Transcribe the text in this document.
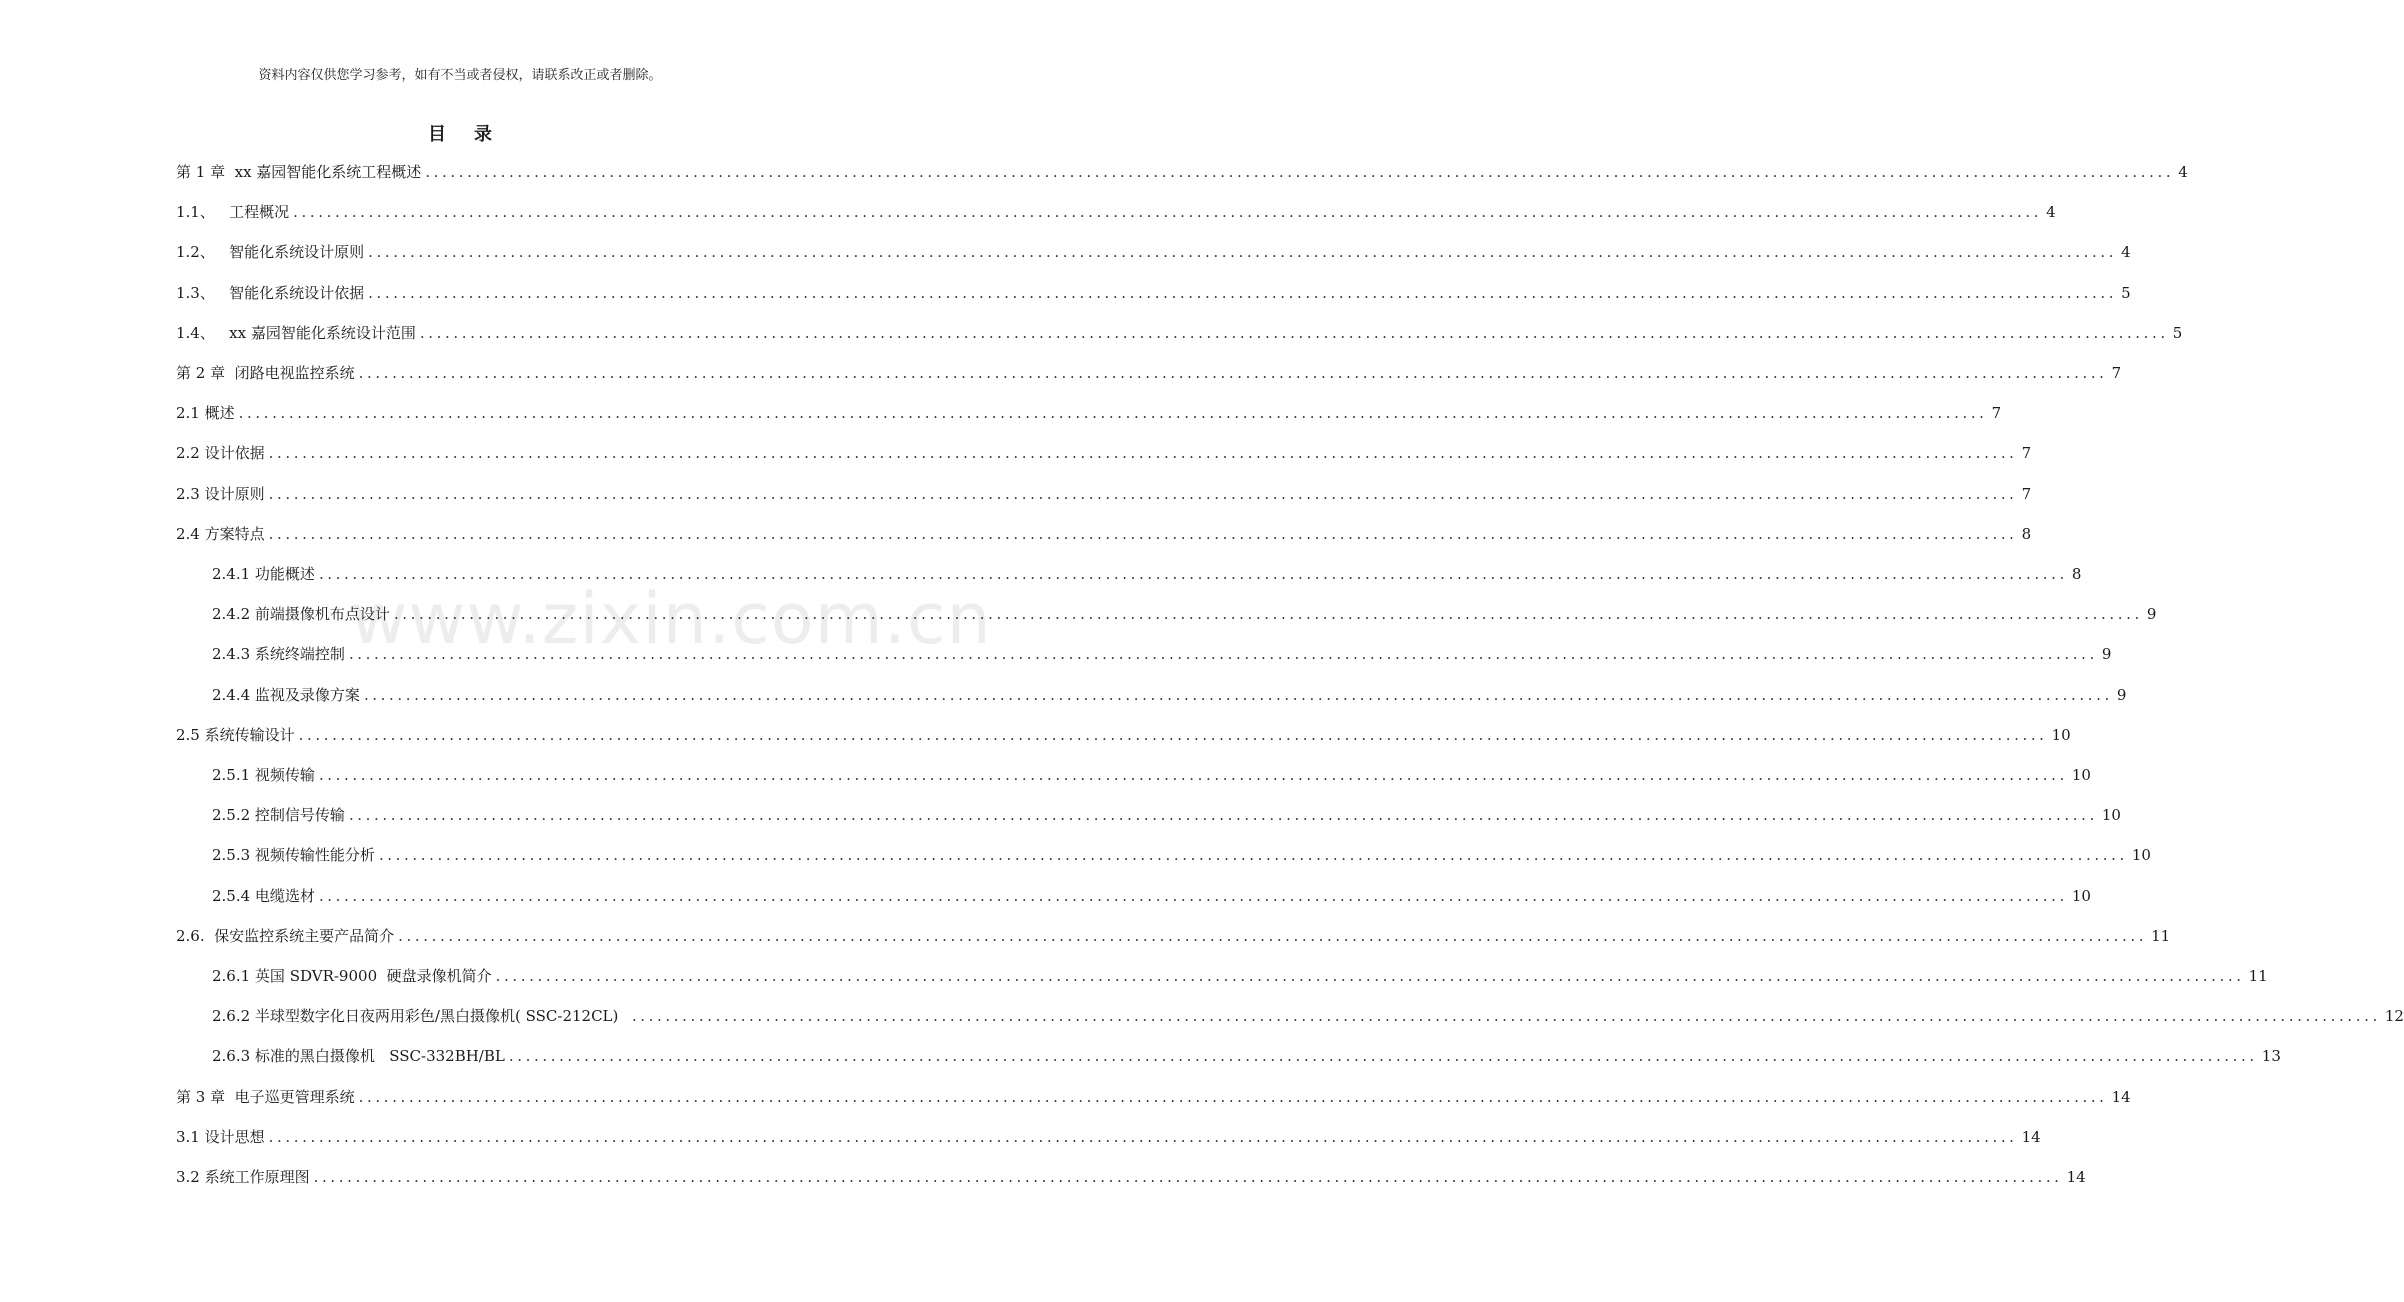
资料内容仅供您学习参考，如有不当或者侵权，请联系改正或者删除。
目录
www.zixin.com.cn
第 1 章  xx 嘉园智能化系统工程概述 .....	4
1.1、   工程概况 .....	4
1.2、   智能化系统设计原则 .....	4
1.3、   智能化系统设计依据 .....	5
1.4、   xx 嘉园智能化系统设计范围 .....	5
第 2 章  闭路电视监控系统 .....	7
2.1 概述 .....	7
2.2 设计依据 .....	7
2.3 设计原则 .....	7
2.4 方案特点 .....	8
2.4.1 功能概述 .....	8
2.4.2 前端摄像机布点设计 .....	9
2.4.3 系统终端控制 .....	9
2.4.4 监视及录像方案 .....	9
2.5 系统传输设计 .....	10
2.5.1 视频传输 .....	10
2.5.2 控制信号传输 .....	10
2.5.3 视频传输性能分析 .....	10
2.5.4 电缆选材 .....	10
2.6.  保安监控系统主要产品简介 .....	11
2.6.1 英国 SDVR-9000  硬盘录像机简介 .....	11
2.6.2 半球型数字化日夜两用彩色/黑白摄像机( SSC-212CL) .....	12
2.6.3 标准的黑白摄像机   SSC-332BH/BL .....	13
第 3 章  电子巡更管理系统 .....	14
3.1 设计思想 .....	14
3.2 系统工作原理图 .....	14
